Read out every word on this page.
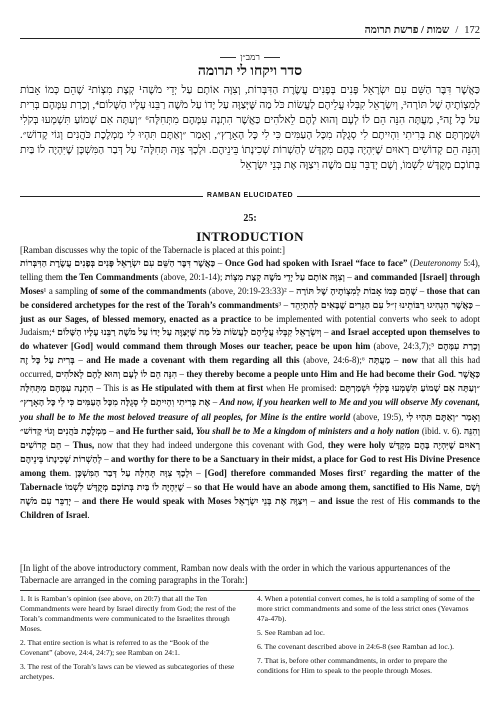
שמות / פרשת תרומה / 172
רמב״ן
סדר ויקחו לי תרומה
כַּאֲשֶׁר דִּבֶּר הַשֵּׁם עִם יִשְׂרָאֵל פָּנִים בְּפָנִים עֲשֶׂרֶת הַדִּבְּרוֹת, וְצִוָּה אוֹתָם עַל יְדֵי מֹשֶׁה¹ קְצָת מִצְוֹת² שֶׁהֵם כְּמוֹ אָבוֹת לְמִצְוֹתֶיהָ שֶׁל תּוֹרָה³, וְיִשְׂרָאֵל קִבְּלוּ עֲלֵיהֶם לַעֲשׂוֹת כֹּל מַה שֶּׁיְּצַוֶּה עַל יָדוֹ עַל מֹשֶׁה רַבֵּנוּ עָלָיו הַשָּׁלוֹם⁴, וְכָרַת עִמָּהֶם בְּרִית עַל כָּל זֶה⁵, מַעֲתָּה הִנֵּה הֵם לוֹ לְעָם וְהוּא לָהֶם לֵאלֹהִים כַּאֲשֶׁר הִתְנָה עִמָּהֶם מִתְּחִלָּה⁶ ״וְעַתָּה אִם שָׁמוֹעַ תִּשְׁמְעוּ בְּקֹלִי וּשְׁמַרְתֶּם אֶת בְּרִיתִי וִהְיִיתֶם לִי סְגֻלָּה מִכָּל הָעַמִּים כִּי לִי כָּל הָאָרֶץ״, וְאָמַר ״וְאַתֶּם תִּהְיוּ לִי מַמְלֶכֶת כֹּהֲנִים וְגוֹי קָדוֹשׁ״. וְהִנֵּה הֵם קְדוֹשִׁים רְאוּיִם שֶׁיִּהְיֶה בָּהֶם מִקְדָּשׁ לְהַשְׁרוֹת שְׁכִינָתוֹ בֵּינֵיהֶם. וּלְכָךְ צִוָּה תְּחִלָּה⁷ עַל דְּבַר הַמִּשְׁכָּן שֶׁיִּהְיֶה לוֹ בַּיִת בְּתוֹכָם מְקֻדָּשׁ לִשְׁמוֹ, וְשָׁם יְדַבֵּר עִם מֹשֶׁה וִיצַוֶּה אֶת בְּנֵי יִשְׂרָאֵל
RAMBAN ELUCIDATED
25:
INTRODUCTION
[Ramban discusses why the topic of the Tabernacle is placed at this point:]
כַּאֲשֶׁר דִּבֶּר הַשֵּׁם עִם יִשְׂרָאֵל פָּנִים בְּפָנִים עֲשֶׂרֶת הַדִּבְּרוֹת – Once God had spoken with Israel “face to face” (Deuteronomy 5:4), telling them the Ten Commandments (above, 20:1-14); וְצִוָּה אוֹתָם עַל יְדֵי מֹשֶׁה קְצָת מִצְוֹת – and commanded [Israel] through Moses¹ a sampling of some of the commandments (above, 20:19-23:33)² – שֶׁהֵם כְּמוֹ אָבוֹת לְמִצְוֹתֶיהָ שֶׁל תּוֹרָה – those that can be considered archetypes for the rest of the Torah’s commandments³ – כַּאֲשֶׁר הִגְהִיגוּ רַבּוֹתֵינוּ זִ״ל עִם הַגֵּרִים שֶׁבָּאִים לְהִתְיַהֵד – just as our Sages, of blessed memory, enacted as a practice to be implemented with potential converts who seek to adopt Judaism;⁴ וְיִשְׂרָאֵל קִבְּלוּ עֲלֵיהֶם לַעֲשׂוֹת כֹּל מַה שֶּׁיְּצַוֶּה עַל יָדוֹ עַל מֹשֶׁה רַבֵּנוּ עָלָיו הַשָּׁלוֹם – and Israel accepted upon themselves to do whatever [God] would command them through Moses our teacher, peace be upon him (above, 24:3,7);⁵ וְכָרַת עִמָּהֶם בְּרִית עַל כָּל זֶה – and He made a covenant with them regarding all this (above, 24:6-8);⁶ מַעֲתָּה – now that all this had occurred, הִנֵּה הֵם לוֹ לְעָם וְהוּא לָהֶם לֵאלֹהִים – they thereby become a people unto Him and He had become their God. כַּאֲשֶׁר הִתְנָה עִמָּהֶם מִתְּחִלָּה – This is as He stipulated with them at first when He promised: ״וְעַתָּה אִם שָׁמוֹעַ תִּשְׁמְעוּ בְּקֹלִי וּשְׁמַרְתֶּם אֶת בְּרִיתִי וִהְיִיתֶם לִי סְגֻלָּה מִכָּל הָעַמִּים כִּי לִי כָּל הָאָרֶץ״ – And now, if you hearken well to Me and you will observe My covenant, you shall be to Me the most beloved treasure of all peoples, for Mine is the entire world (above, 19:5), וְאָמַר ״וְאַתֶּם תִּהְיוּ לִי מַמְלֶכֶת כֹּהֲנִים וְגוֹי קָדוֹשׁ״ – and He further said, You shall be to Me a kingdom of ministers and a holy nation (ibid. v. 6). וְהִנֵּה הֵם קְדוֹשִׁים – Thus, now that they had indeed undergone this covenant with God, they were holy רְאוּיִם שֶׁיִּהְיֶה בָּהֶם מִקְדָּשׁ לְהַשְׁרוֹת שְׁכִינָתוֹ בֵּינֵיהֶם – and worthy for there to be a Sanctuary in their midst, a place for God to rest His Divine Presence among them. וּלְכָךְ צִוָּה תְּחִלָּה עַל דְּבַר הַמִּשְׁכָּן – [God] therefore commanded Moses first⁷ regarding the matter of the Tabernacle שֶׁיִּהְיֶה לוֹ בַּיִת בְּתוֹכָם מְקֻדָּשׁ לִשְׁמוֹ – so that He would have an abode among them, sanctified to His Name, וְשָׁם יְדַבֵּר עִם מֹשֶׁה – and there He would speak with Moses וִיצַוֶּה אֶת בְּנֵי יִשְׂרָאֵל – and issue the rest of His commands to the Children of Israel.
[In light of the above introductory comment, Ramban now deals with the order in which the various appurtenances of the Tabernacle are arranged in the coming paragraphs in the Torah:]
1. It is Ramban’s opinion (see above, on 20:7) that all the Ten Commandments were heard by Israel directly from God; the rest of the Torah’s commandments were communicated to the Israelites through Moses.
2. That entire section is what is referred to as the “Book of the Covenant” (above, 24:4, 24:7); see Ramban on 24:1.
3. The rest of the Torah’s laws can be viewed as subcategories of these archetypes.
4. When a potential convert comes, he is told a sampling of some of the more strict commandments and some of the less strict ones (Yevamos 47a-47b).
5. See Ramban ad loc.
6. The covenant described above in 24:6-8 (see Ramban ad loc.).
7. That is, before other commandments, in order to prepare the conditions for Him to speak to the people through Moses.
